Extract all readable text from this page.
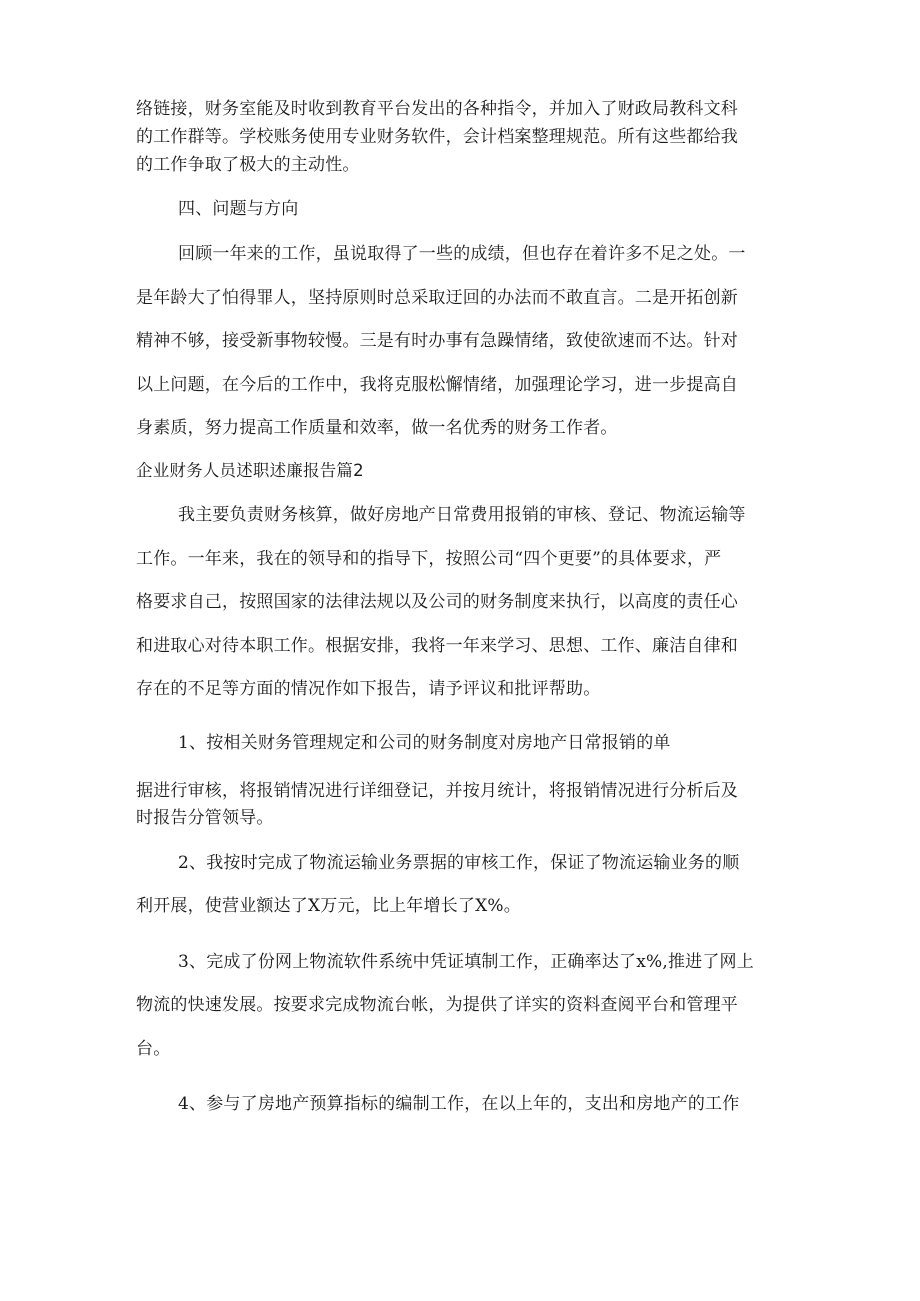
络链接，财务室能及时收到教育平台发出的各种指令，并加入了财政局教科文科

的工作群等。学校账务使用专业财务软件，会计档案整理规范。所有这些都给我

的工作争取了极大的主动性。

四、问题与方向

回顾一年来的工作，虽说取得了一些的成绩，但也存在着许多不足之处。一

是年龄大了怕得罪人，坚持原则时总采取迂回的办法而不敢直言。二是开拓创新

精神不够，接受新事物较慢。三是有时办事有急躁情绪，致使欲速而不达。针对

以上问题，在今后的工作中，我将克服松懈情绪，加强理论学习，进一步提高自

身素质，努力提高工作质量和效率，做一名优秀的财务工作者。

企业财务人员述职述廉报告篇2

我主要负责财务核算，做好房地产日常费用报销的审核、登记、物流运输等

工作。一年来，我在的领导和的指导下，按照公司“四个更要”的具体要求，严

格要求自己，按照国家的法律法规以及公司的财务制度来执行，以高度的责任心

和进取心对待本职工作。根据安排，我将一年来学习、思想、工作、廉洁自律和

存在的不足等方面的情况作如下报告，请予评议和批评帮助。

1、按相关财务管理规定和公司的财务制度对房地产日常报销的单

据进行审核，将报销情况进行详细登记，并按月统计，将报销情况进行分析后及

时报告分管领导。

2、我按时完成了物流运输业务票据的审核工作，保证了物流运输业务的顺

利开展，使营业额达了X万元，比上年增长了X%。

3、完成了份网上物流软件系统中凭证填制工作，正确率达了x%,推进了网上

物流的快速发展。按要求完成物流台帐，为提供了详实的资料查阅平台和管理平

台。

4、参与了房地产预算指标的编制工作，在以上年的，支出和房地产的工作
